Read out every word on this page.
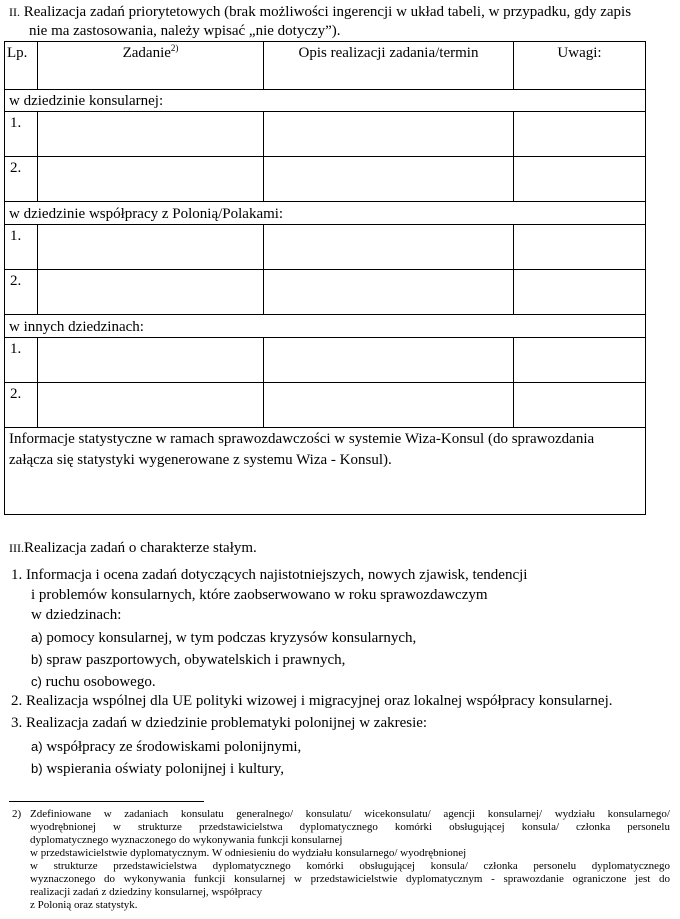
II. Realizacja zadań priorytetowych (brak możliwości ingerencji w układ tabeli, w przypadku, gdy zapis
nie ma zastosowania, należy wpisać „nie dotyczy”).
Lp.	Zadanie$^{2)}$	Opis realizacji zadania/termin	Uwagi:
w dziedzinie konsularnej:
1.
2.
w dziedzinie współpracy z Polonią/Polakami:
1.
2.
w innych dziedzinach:
1.
2.
Informacje statystyczne w ramach sprawozdawczości w systemie Wiza-Konsul (do sprawozdania
załącza się statystyki wygenerowane z systemu Wiza - Konsul).
III.Realizacja zadań o charakterze stałym.
1. Informacja i ocena zadań dotyczących najistotniejszych, nowych zjawisk, tendencji
i problemów konsularnych, które zaobserwowano w roku sprawozdawczym
w dziedzinach:
a) pomocy konsularnej, w tym podczas kryzysów konsularnych,
b) spraw paszportowych, obywatelskich i prawnych,
c) ruchu osobowego.
2. Realizacja wspólnej dla UE polityki wizowej i migracyjnej oraz lokalnej współpracy konsularnej.
3. Realizacja zadań w dziedzinie problematyki polonijnej w zakresie:
a) współpracy ze środowiskami polonijnymi,
b) wspierania oświaty polonijnej i kultury,
2) Zdefiniowane w zadaniach konsulatu generalnego/ konsulatu/ wicekonsulatu/ agencji konsularnej/ wydziału konsularnego/
wyodrębnionej w strukturze przedstawicielstwa dyplomatycznego komórki obsługującej konsula/ członka personelu
dyplomatycznego wyznaczonego do wykonywania funkcji konsularnej
w przedstawicielstwie dyplomatycznym. W odniesieniu do wydziału konsularnego/ wyodrębnionej
w strukturze przedstawicielstwa dyplomatycznego komórki obsługującej konsula/ członka personelu dyplomatycznego
wyznaczonego do wykonywania funkcji konsularnej w przedstawicielstwie dyplomatycznym - sprawozdanie ograniczone jest do
realizacji zadań z dziedziny konsularnej, współpracy
z Polonią oraz statystyk.
